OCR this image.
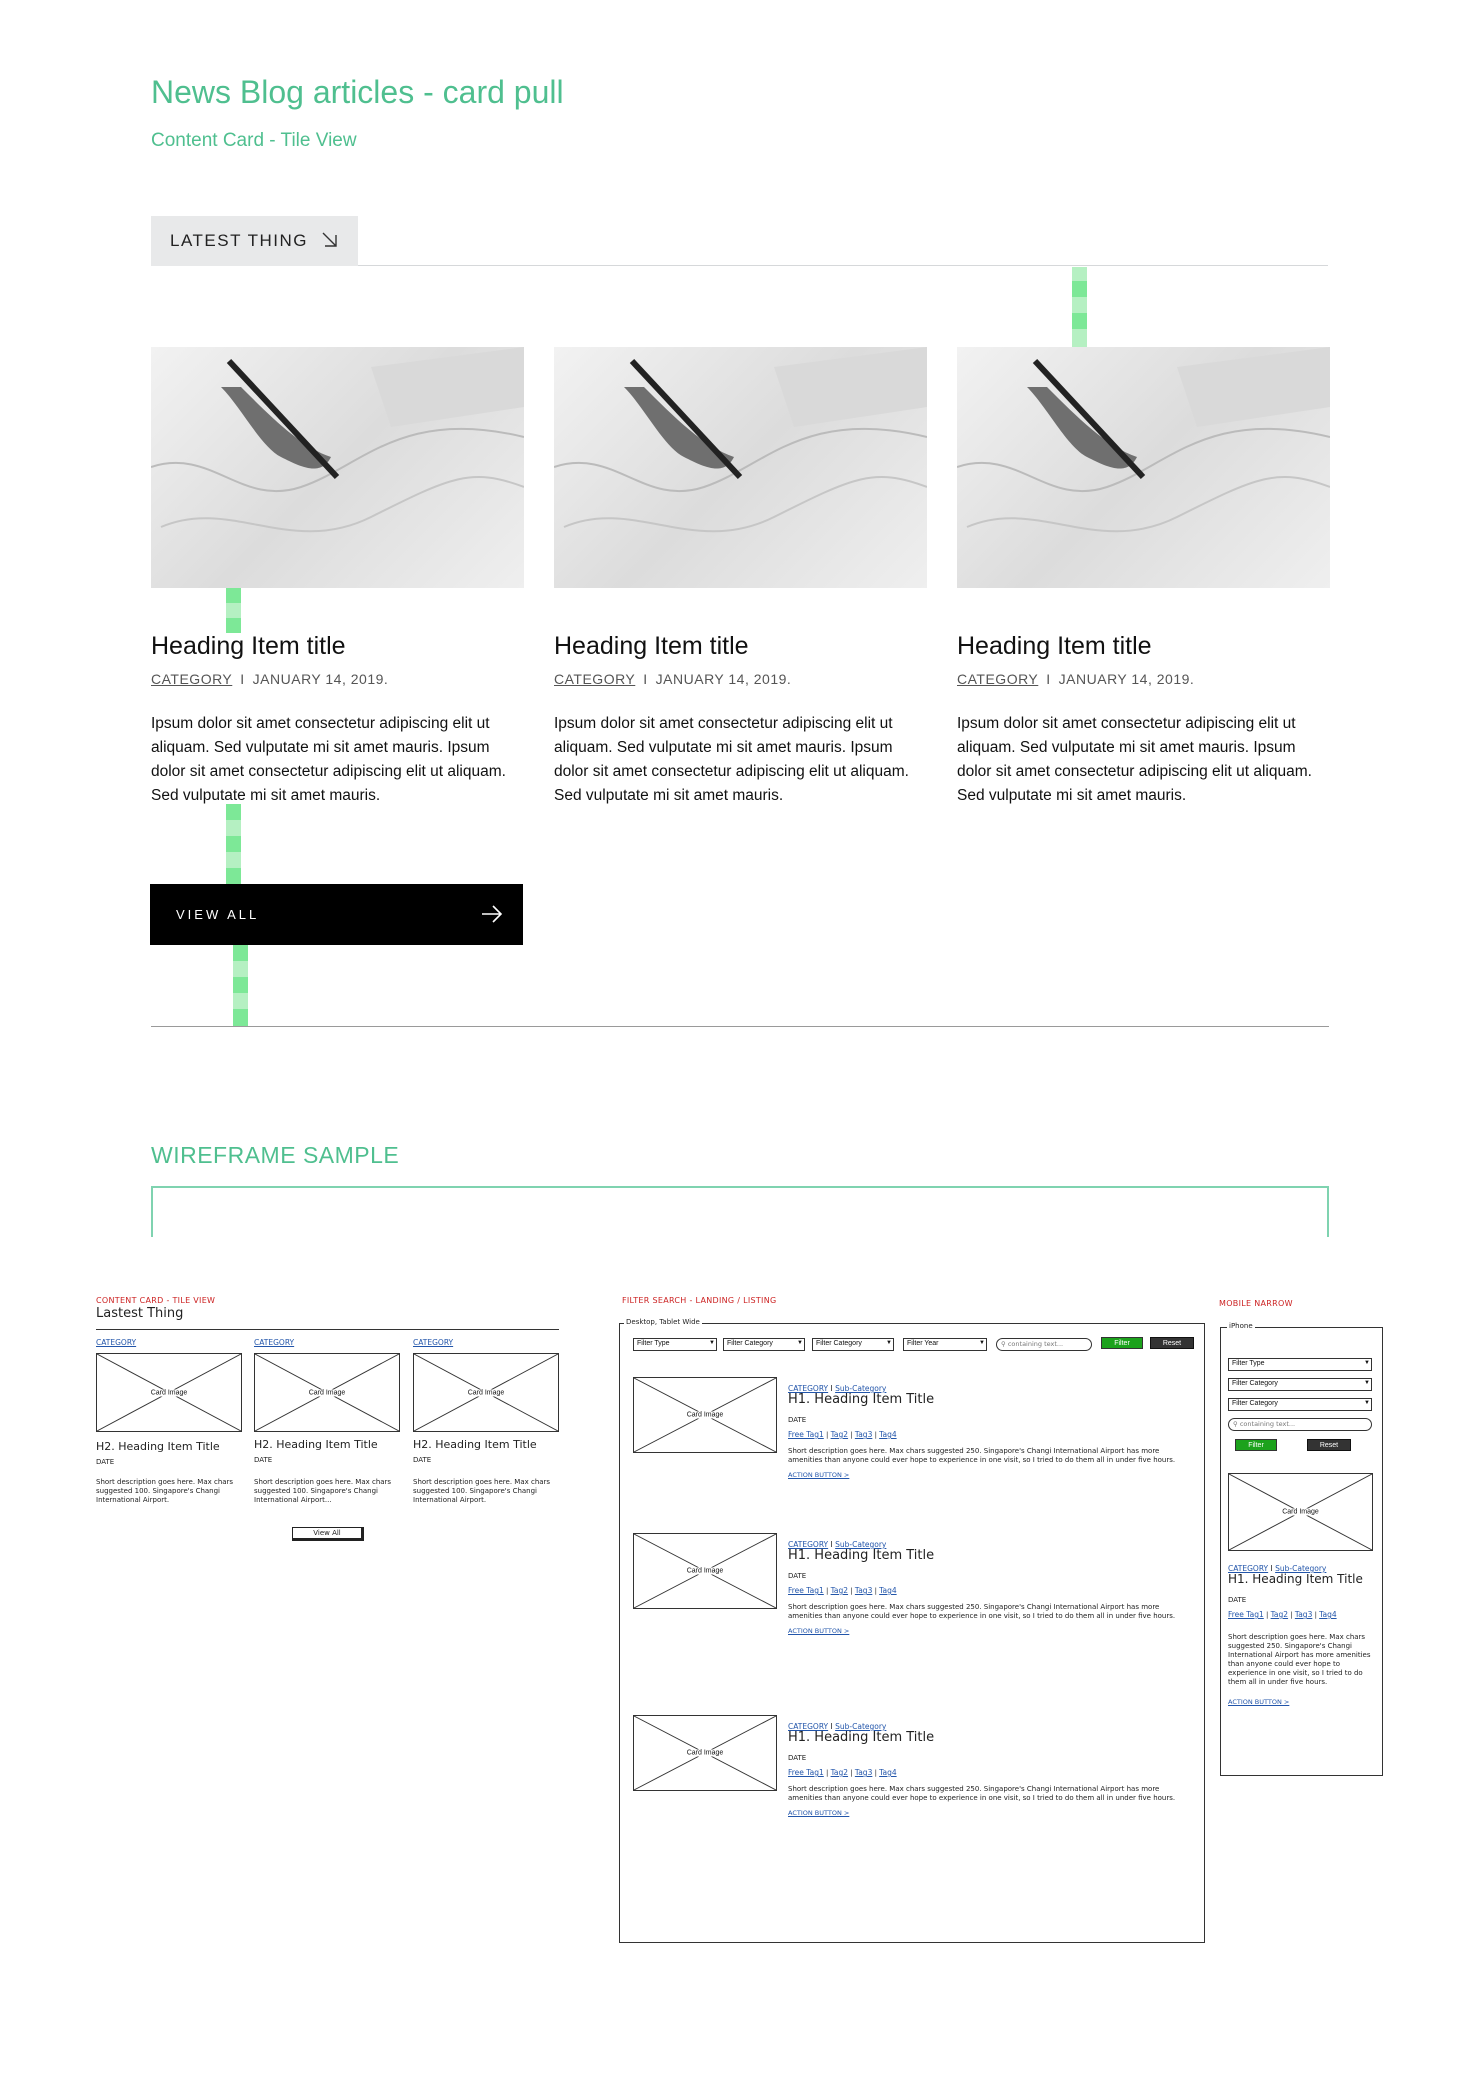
News Blog articles - card pull
Content Card - Tile View
LATEST THING
Heading Item title
CATEGORY I JANUARY 14, 2019.
Ipsum dolor sit amet consectetur adipiscing elit ut aliquam. Sed vulputate mi sit amet mauris. Ipsum dolor sit amet consectetur adipiscing elit ut aliquam. Sed vulputate mi sit amet mauris.
Heading Item title
CATEGORY I JANUARY 14, 2019.
Ipsum dolor sit amet consectetur adipiscing elit ut aliquam. Sed vulputate mi sit amet mauris. Ipsum dolor sit amet consectetur adipiscing elit ut aliquam. Sed vulputate mi sit amet mauris.
Heading Item title
CATEGORY I JANUARY 14, 2019.
Ipsum dolor sit amet consectetur adipiscing elit ut aliquam. Sed vulputate mi sit amet mauris. Ipsum dolor sit amet consectetur adipiscing elit ut aliquam. Sed vulputate mi sit amet mauris.
VIEW ALL
WIREFRAME SAMPLE
CONTENT CARD - TILE VIEW
Lastest Thing
CATEGORY
Card Image
H2. Heading Item Title
DATE
Short description goes here. Max chars suggested 100. Singapore's Changi International Airport.
CATEGORY
Card Image
H2. Heading Item Title
DATE
Short description goes here. Max chars suggested 100. Singapore's Changi International Airport...
CATEGORY
Card Image
H2. Heading Item Title
DATE
Short description goes here. Max chars suggested 100. Singapore's Changi International Airport.
View All
FILTER SEARCH - LANDING / LISTING
Desktop, Tablet Wide
Filter Type ▼	Filter Category ▼	Filter Category ▼	Filter Year ▼	⚲ containing text...	Filter	Reset
Card Image
CATEGORY I Sub-Category
H1. Heading Item Title
DATE
Free Tag1 | Tag2 | Tag3 | Tag4
Short description goes here. Max chars suggested 250. Singapore's Changi International Airport has more amenities than anyone could ever hope to experience in one visit, so I tried to do them all in under five hours.
ACTION BUTTON >
Card Image
CATEGORY I Sub-Category
H1. Heading Item Title
DATE
Free Tag1 | Tag2 | Tag3 | Tag4
Short description goes here. Max chars suggested 250. Singapore's Changi International Airport has more amenities than anyone could ever hope to experience in one visit, so I tried to do them all in under five hours.
ACTION BUTTON >
Card Image
CATEGORY I Sub-Category
H1. Heading Item Title
DATE
Free Tag1 | Tag2 | Tag3 | Tag4
Short description goes here. Max chars suggested 250. Singapore's Changi International Airport has more amenities than anyone could ever hope to experience in one visit, so I tried to do them all in under five hours.
ACTION BUTTON >
MOBILE NARROW
iPhone
Filter Type ▼
Filter Category ▼
Filter Category ▼
⚲ containing text...
Filter	Reset
Card Image
CATEGORY I Sub-Category
H1. Heading Item Title
DATE
Free Tag1 | Tag2 | Tag3 | Tag4
Short description goes here. Max chars suggested 250. Singapore's Changi International Airport has more amenities than anyone could ever hope to experience in one visit, so I tried to do them all in under five hours.
ACTION BUTTON >
